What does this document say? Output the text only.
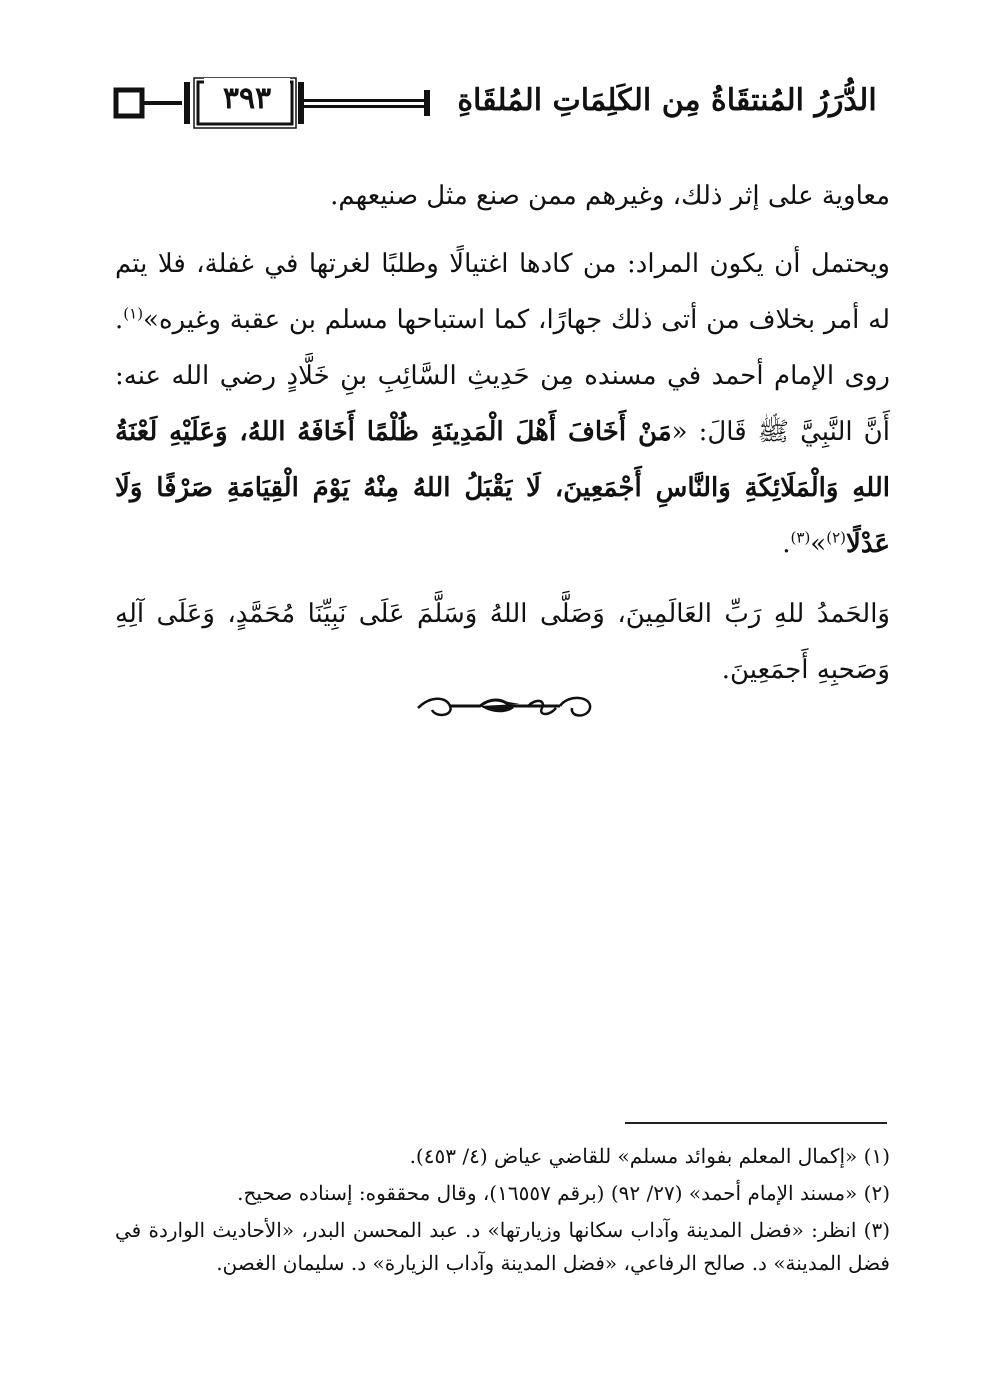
٣٩٣	الدُّرَرُ المُنتقَاةُ مِن الكَلِمَاتِ المُلقَاةِ

معاوية على إثر ذلك، وغيرهم ممن صنع مثل صنيعهم.

ويحتمل أن يكون المراد: من كادها اغتيالًا وطلبًا لغرتها في غفلة، فلا يتم له أمر بخلاف من أتى ذلك جهارًا، كما استباحها مسلم بن عقبة وغيره»$^{(١)}$. روى الإمام أحمد في مسنده مِن حَدِيثِ السَّائِبِ بنِ خَلَّادٍ رضي الله عنه: أَنَّ النَّبِيَّ ﷺ قَالَ: «مَنْ أَخَافَ أَهْلَ الْمَدِينَةِ ظُلْمًا أَخَافَهُ اللهُ، وَعَلَيْهِ لَعْنَةُ اللهِ وَالْمَلَائِكَةِ وَالنَّاسِ أَجْمَعِينَ، لَا يَقْبَلُ اللهُ مِنْهُ يَوْمَ الْقِيَامَةِ صَرْفًا وَلَا عَدْلًا$^{(٢)}$»$^{(٣)}$.

وَالحَمدُ للهِ رَبِّ العَالَمِينَ، وَصَلَّى اللهُ وَسَلَّمَ عَلَى نَبِيِّنَا مُحَمَّدٍ، وَعَلَى آلِهِ وَصَحبِهِ أَجمَعِينَ.

(١) «إكمال المعلم بفوائد مسلم» للقاضي عياض (٤/ ٤٥٣).

(٢) «مسند الإمام أحمد» (٢٧/ ٩٢) (برقم ١٦٥٥٧)، وقال محققوه: إسناده صحيح.

(٣) انظر: «فضل المدينة وآداب سكانها وزيارتها» د. عبد المحسن البدر، «الأحاديث الواردة في فضل المدينة» د. صالح الرفاعي، «فضل المدينة وآداب الزيارة» د. سليمان الغصن.
